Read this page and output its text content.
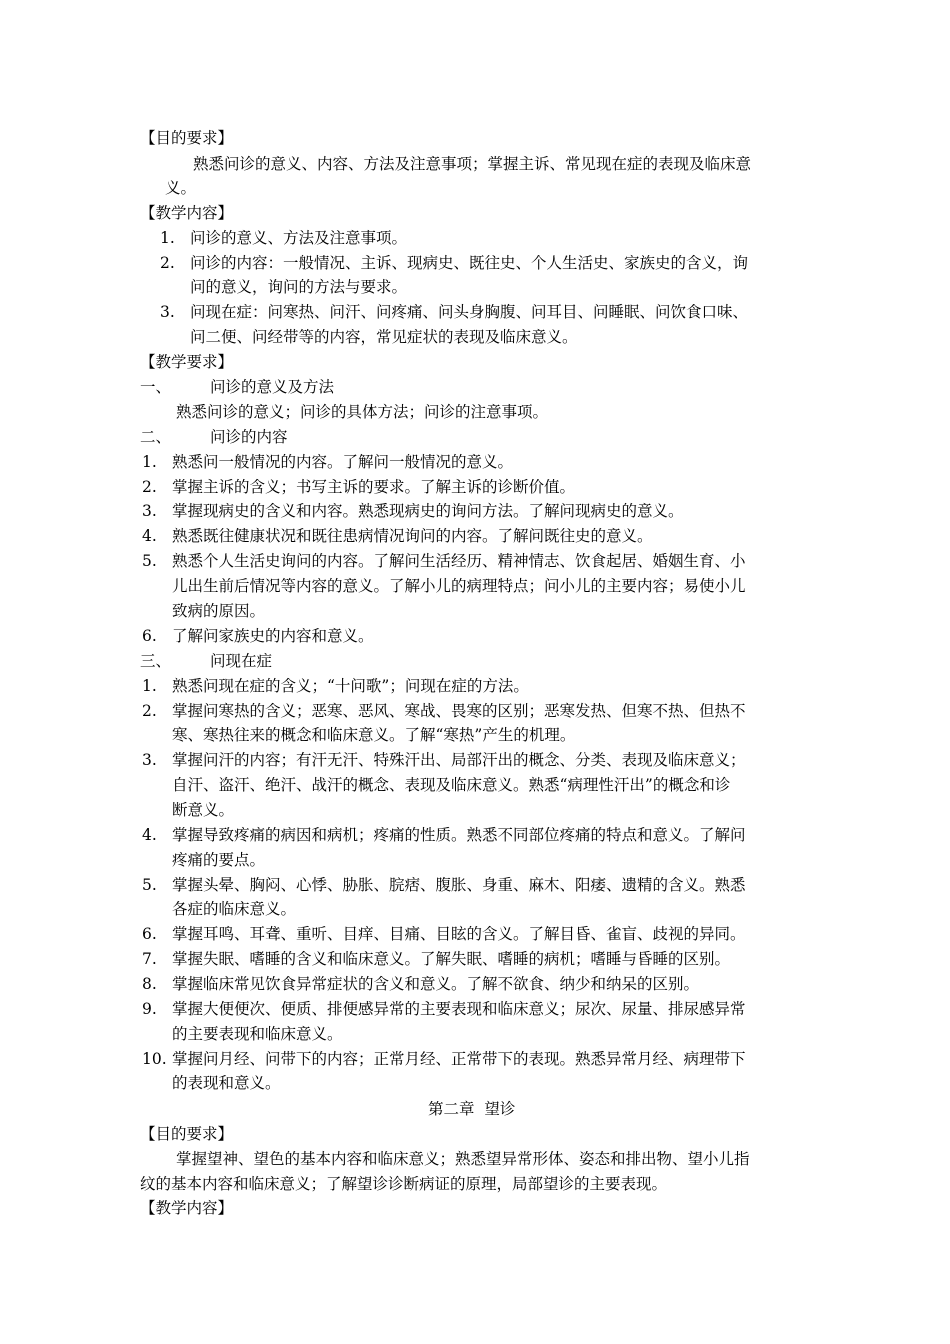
【目的要求】
熟悉问诊的意义、内容、方法及注意事项；掌握主诉、常见现在症的表现及临床意
义。
【教学内容】
1. 问诊的意义、方法及注意事项。
2. 问诊的内容：一般情况、主诉、现病史、既往史、个人生活史、家族史的含义，询
问的意义，询问的方法与要求。
3. 问现在症：问寒热、问汗、问疼痛、问头身胸腹、问耳目、问睡眠、问饮食口味、
问二便、问经带等的内容，常见症状的表现及临床意义。
【教学要求】
一、	问诊的意义及方法
熟悉问诊的意义；问诊的具体方法；问诊的注意事项。
二、	问诊的内容
1. 熟悉问一般情况的内容。了解问一般情况的意义。
2. 掌握主诉的含义；书写主诉的要求。了解主诉的诊断价值。
3. 掌握现病史的含义和内容。熟悉现病史的询问方法。了解问现病史的意义。
4. 熟悉既往健康状况和既往患病情况询问的内容。了解问既往史的意义。
5. 熟悉个人生活史询问的内容。了解问生活经历、精神情志、饮食起居、婚姻生育、小
儿出生前后情况等内容的意义。了解小儿的病理特点；问小儿的主要内容；易使小儿
致病的原因。
6. 了解问家族史的内容和意义。
三、	问现在症
1. 熟悉问现在症的含义；“十问歌”；问现在症的方法。
2. 掌握问寒热的含义；恶寒、恶风、寒战、畏寒的区别；恶寒发热、但寒不热、但热不
寒、寒热往来的概念和临床意义。了解“寒热”产生的机理。
3. 掌握问汗的内容；有汗无汗、特殊汗出、局部汗出的概念、分类、表现及临床意义；
自汗、盗汗、绝汗、战汗的概念、表现及临床意义。熟悉“病理性汗出”的概念和诊
断意义。
4. 掌握导致疼痛的病因和病机；疼痛的性质。熟悉不同部位疼痛的特点和意义。了解问
疼痛的要点。
5. 掌握头晕、胸闷、心悸、胁胀、脘痞、腹胀、身重、麻木、阳痿、遗精的含义。熟悉
各症的临床意义。
6. 掌握耳鸣、耳聋、重听、目痒、目痛、目眩的含义。了解目昏、雀盲、歧视的异同。
7. 掌握失眠、嗜睡的含义和临床意义。了解失眠、嗜睡的病机；嗜睡与昏睡的区别。
8. 掌握临床常见饮食异常症状的含义和意义。了解不欲食、纳少和纳呆的区别。
9. 掌握大便便次、便质、排便感异常的主要表现和临床意义；尿次、尿量、排尿感异常
的主要表现和临床意义。
10. 掌握问月经、问带下的内容；正常月经、正常带下的表现。熟悉异常月经、病理带下
的表现和意义。
第二章  望诊
【目的要求】
掌握望神、望色的基本内容和临床意义；熟悉望异常形体、姿态和排出物、望小儿指
纹的基本内容和临床意义；了解望诊诊断病证的原理，局部望诊的主要表现。
【教学内容】
